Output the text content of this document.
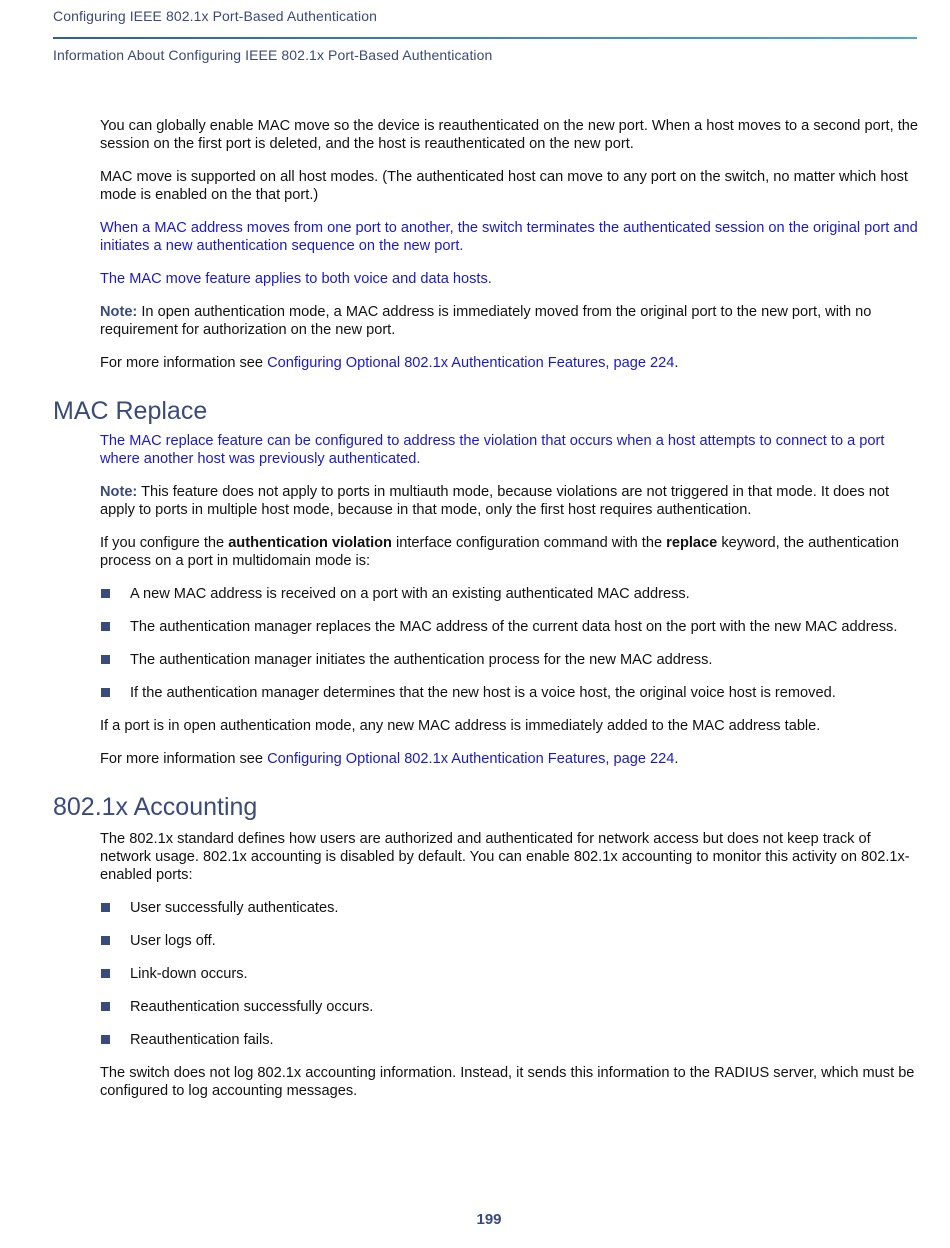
Configuring IEEE 802.1x Port-Based Authentication
Information About Configuring IEEE 802.1x Port-Based Authentication

You can globally enable MAC move so the device is reauthenticated on the new port. When a host moves to a second port, the session on the first port is deleted, and the host is reauthenticated on the new port.

MAC move is supported on all host modes. (The authenticated host can move to any port on the switch, no matter which host mode is enabled on the that port.)

When a MAC address moves from one port to another, the switch terminates the authenticated session on the original port and initiates a new authentication sequence on the new port.

The MAC move feature applies to both voice and data hosts.

Note: In open authentication mode, a MAC address is immediately moved from the original port to the new port, with no requirement for authorization on the new port.

For more information see Configuring Optional 802.1x Authentication Features, page 224.

MAC Replace

The MAC replace feature can be configured to address the violation that occurs when a host attempts to connect to a port where another host was previously authenticated.

Note: This feature does not apply to ports in multiauth mode, because violations are not triggered in that mode. It does not apply to ports in multiple host mode, because in that mode, only the first host requires authentication.

If you configure the authentication violation interface configuration command with the replace keyword, the authentication process on a port in multidomain mode is:

A new MAC address is received on a port with an existing authenticated MAC address.
The authentication manager replaces the MAC address of the current data host on the port with the new MAC address.
The authentication manager initiates the authentication process for the new MAC address.
If the authentication manager determines that the new host is a voice host, the original voice host is removed.

If a port is in open authentication mode, any new MAC address is immediately added to the MAC address table.

For more information see Configuring Optional 802.1x Authentication Features, page 224.

802.1x Accounting

The 802.1x standard defines how users are authorized and authenticated for network access but does not keep track of network usage. 802.1x accounting is disabled by default. You can enable 802.1x accounting to monitor this activity on 802.1x-enabled ports:

User successfully authenticates.
User logs off.
Link-down occurs.
Reauthentication successfully occurs.
Reauthentication fails.

The switch does not log 802.1x accounting information. Instead, it sends this information to the RADIUS server, which must be configured to log accounting messages.

199
